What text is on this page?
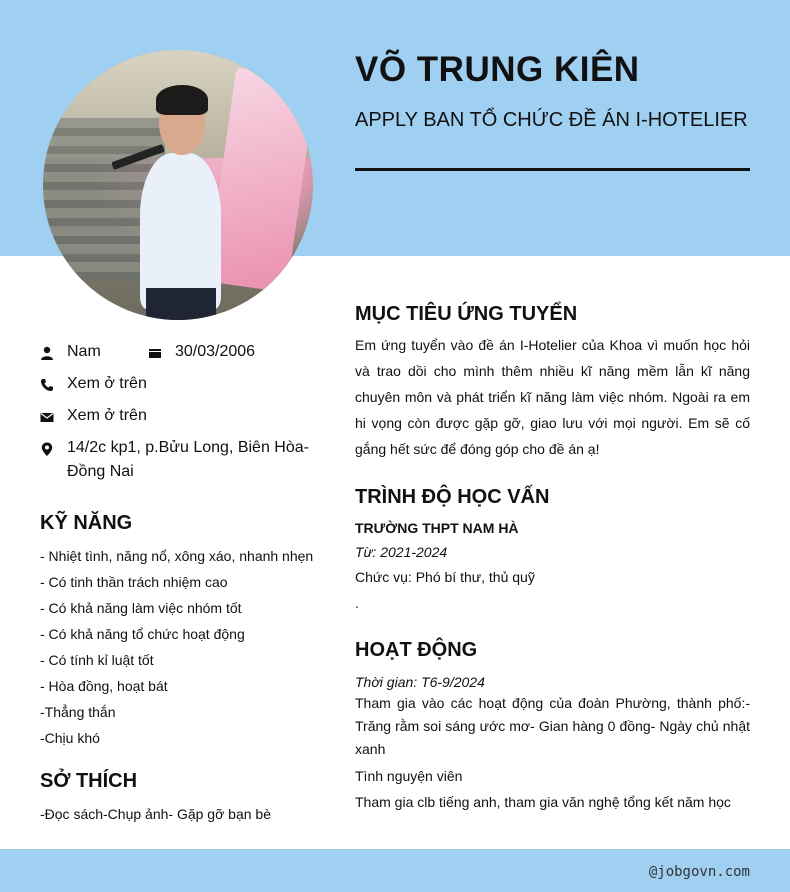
VÕ TRUNG KIÊN
APPLY BAN TỔ CHỨC ĐỀ ÁN I-HOTELIER
Nam	30/03/2006
Xem ở trên
Xem ở trên
14/2c kp1, p.Bửu Long, Biên Hòa-
Đồng Nai
KỸ NĂNG
- Nhiệt tình, năng nổ, xông xáo, nhanh nhẹn
- Có tinh thần trách nhiệm cao
- Có khả năng làm việc nhóm tốt
- Có khả năng tổ chức hoạt động
- Có tính kỉ luật tốt
- Hòa đồng, hoạt bát
-Thẳng thắn
-Chịu khó
SỞ THÍCH
-Đọc sách-Chụp ảnh- Gặp gỡ bạn bè
MỤC TIÊU ỨNG TUYỂN
Em ứng tuyển vào đề án I-Hotelier của Khoa vì muốn học hỏi và trao dồi cho mình thêm nhiều kĩ năng mềm lẫn kĩ năng chuyên môn và phát triển kĩ năng làm việc nhóm. Ngoài ra em hi vọng còn được gặp gỡ, giao lưu với mọi người. Em sẽ cố gắng hết sức để đóng góp cho đề án ạ!
TRÌNH ĐỘ HỌC VẤN
TRƯỜNG THPT NAM HÀ
Từ: 2021-2024
Chức vụ: Phó bí thư, thủ quỹ
.
HOẠT ĐỘNG
Thời gian: T6-9/2024
Tham gia vào các hoạt động của đoàn Phường, thành phố:- Trăng rằm soi sáng ước mơ- Gian hàng 0 đồng- Ngày chủ nhật xanh
Tình nguyện viên
Tham gia clb tiếng anh, tham gia văn nghệ tổng kết năm học
@jobgovn.com
